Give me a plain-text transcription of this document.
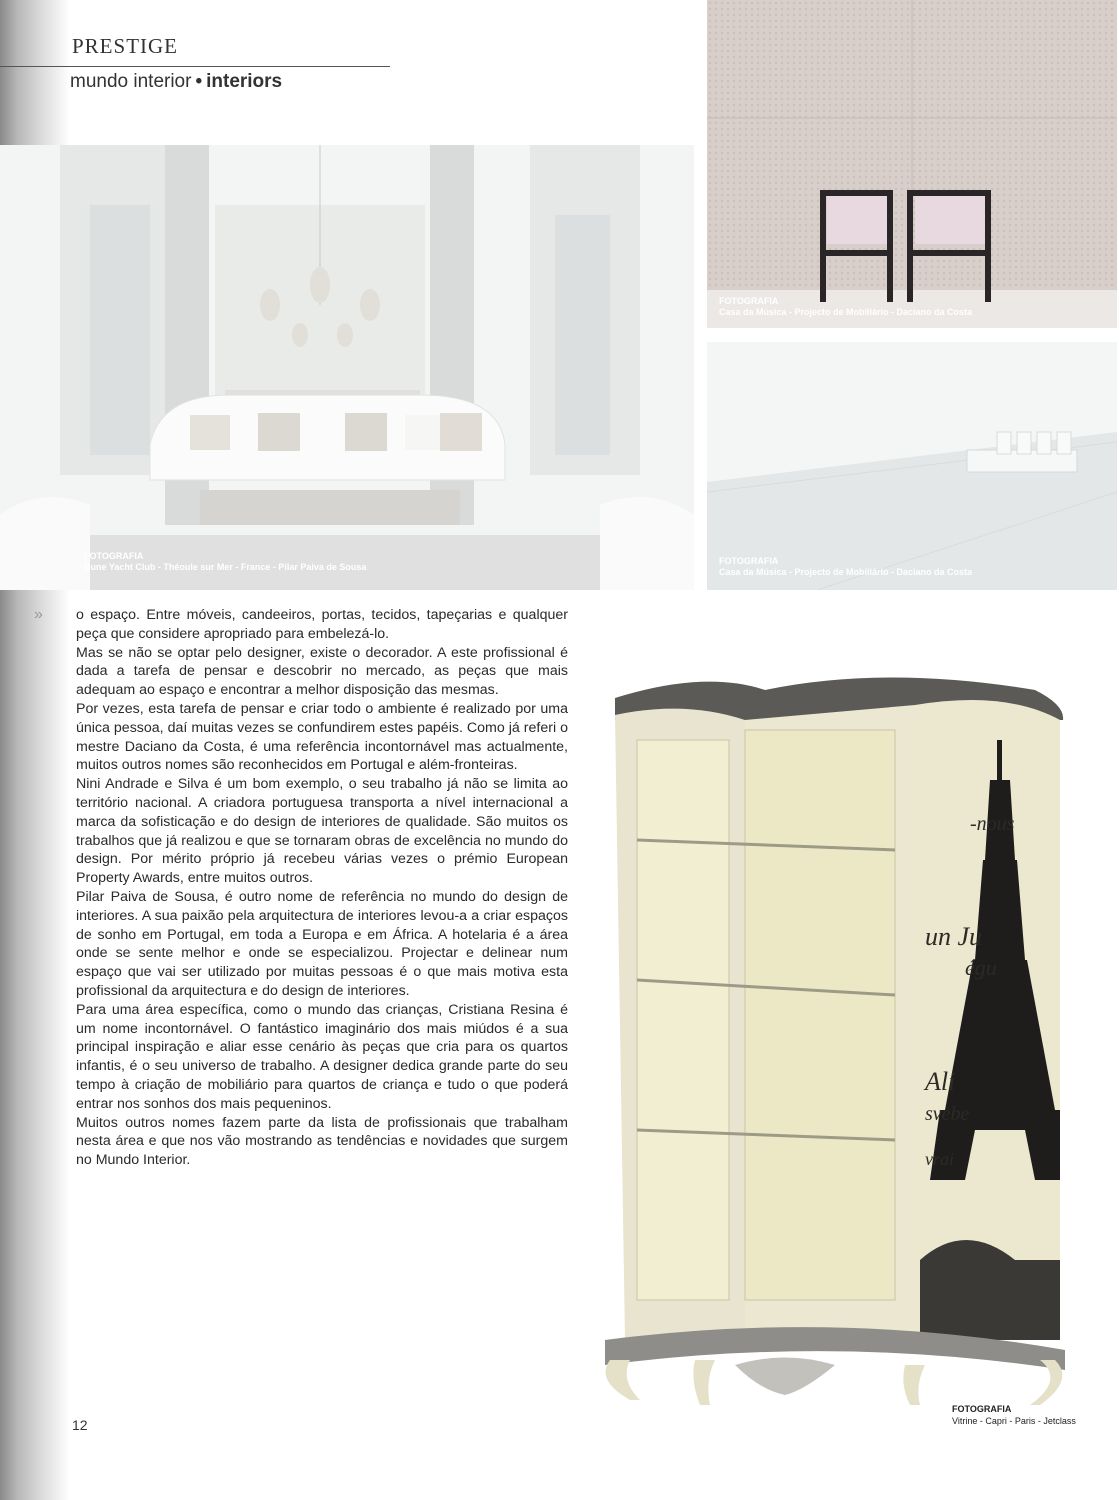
PRESTIGE
mundo interior • interiors
FOTOGRAFIA
Dune Yacht Club - Théoule sur Mer - France - Pilar Paiva de Sousa
FOTOGRAFIA
Casa da Música - Projecto de Mobiliário - Daciano da Costa
FOTOGRAFIA
Casa da Música - Projecto de Mobiliário - Daciano da Costa
» o espaço. Entre móveis, candeeiros, portas, tecidos, tapeçarias e qualquer peça que considere apropriado para embelezá-lo.

Mas se não se optar pelo designer, existe o decorador. A este profissional é dada a tarefa de pensar e descobrir no mercado, as peças que mais adequam ao espaço e encontrar a melhor disposição das mesmas.

Por vezes, esta tarefa de pensar e criar todo o ambiente é realizado por uma única pessoa, daí muitas vezes se confundirem estes papéis. Como já referi o mestre Daciano da Costa, é uma referência incontornável mas actualmente, muitos outros nomes são reconhecidos em Portugal e além-fronteiras.

Nini Andrade e Silva é um bom exemplo, o seu trabalho já não se limita ao território nacional. A criadora portuguesa transporta a nível internacional a marca da sofisticação e do design de interiores de qualidade. São muitos os trabalhos que já realizou e que se tornaram obras de excelência no mundo do design. Por mérito próprio já recebeu várias vezes o prémio European Property Awards, entre muitos outros.

Pilar Paiva de Sousa, é outro nome de referência no mundo do design de interiores. A sua paixão pela arquitectura de interiores levou-a a criar espaços de sonho em Portugal, em toda a Europa e em África. A hotelaria é a área onde se sente melhor e onde se especializou. Projectar e delinear num espaço que vai ser utilizado por muitas pessoas é o que mais motiva esta profissional da arquitectura e do design de interiores.

Para uma área específica, como o mundo das crianças, Cristiana Resina é um nome incontornável. O fantástico imaginário dos mais miúdos é a sua principal inspiração e aliar esse cenário às peças que cria para os quartos infantis, é o seu universo de trabalho. A designer dedica grande parte do seu tempo à criação de mobiliário para quartos de criança e tudo o que poderá entrar nos sonhos dos mais pequeninos.

Muitos outros nomes fazem parte da lista de profissionais que trabalham nesta área e que nos vão mostrando as tendências e novidades que surgem no Mundo Interior.

-nous
un Ju
égu
Ali
svebe
vrai
FOTOGRAFIA
Vitrine - Capri - Paris - Jetclass
12
